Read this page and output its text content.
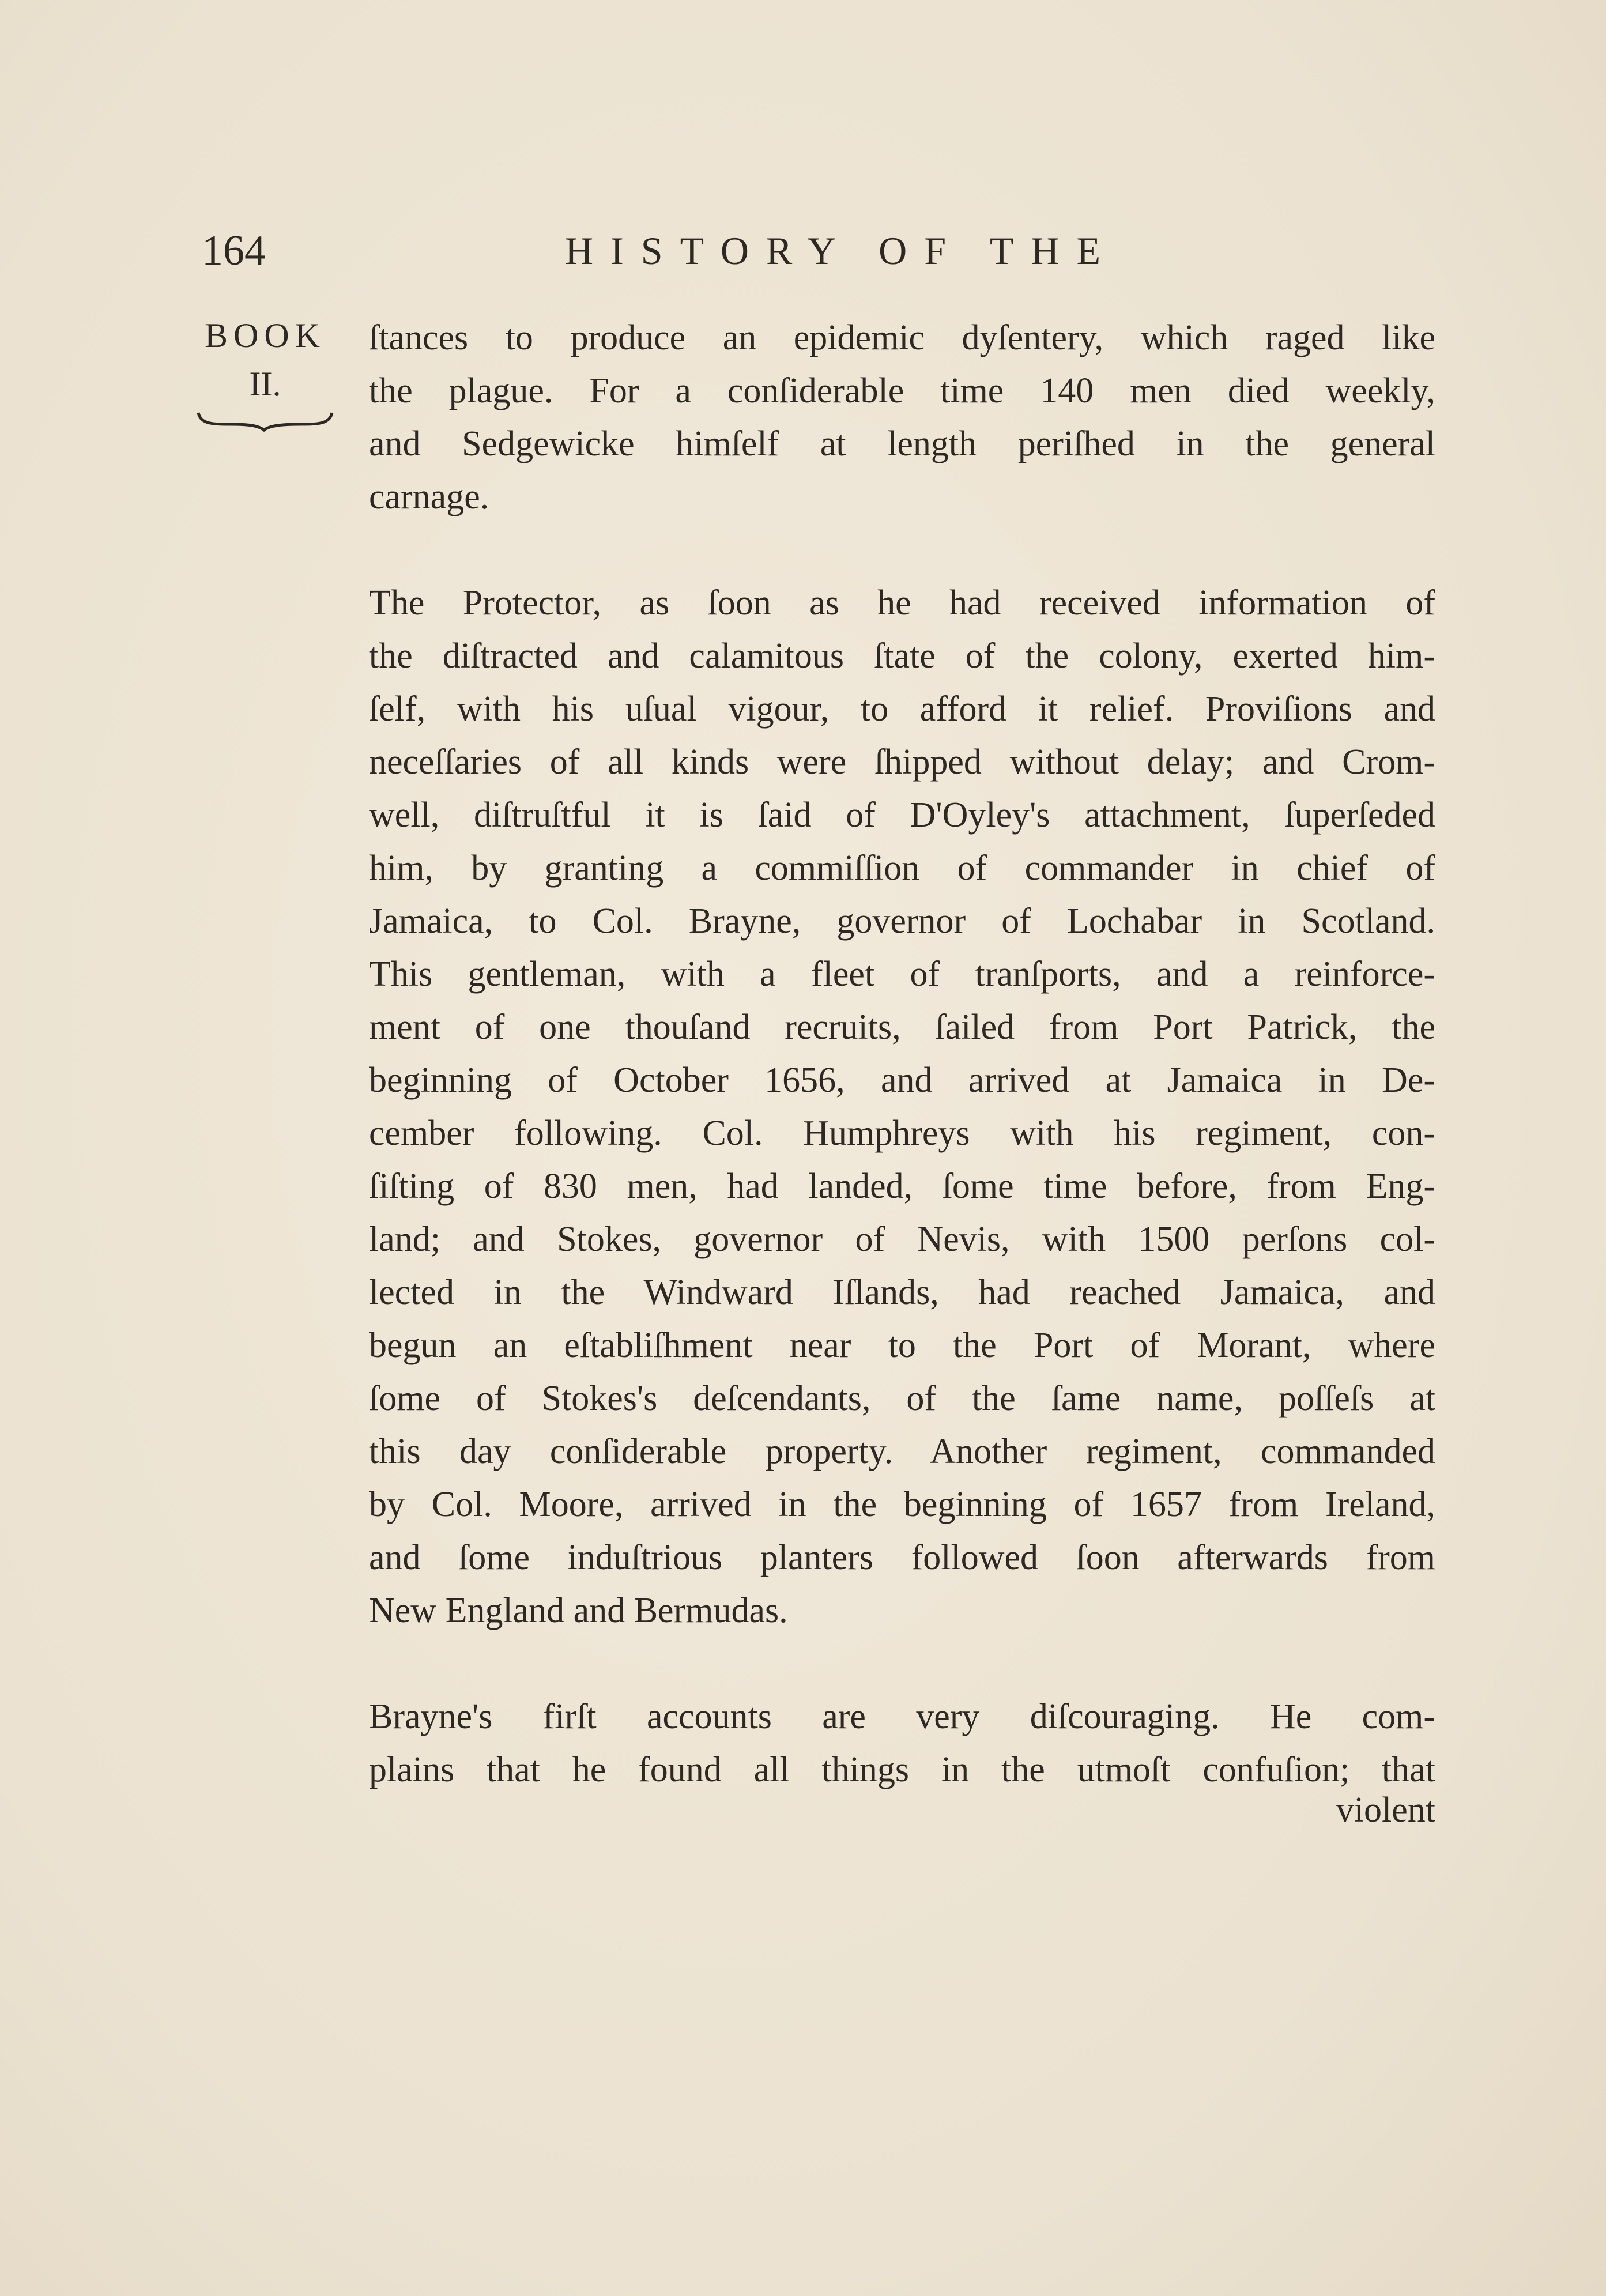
164	HISTORY OF THE
BOOK
II.

ſtances to produce an epidemic dyſentery, which raged like
the plague. For a conſiderable time 140 men died weekly,
and Sedgewicke himſelf at length periſhed in the general
carnage.

The Protector, as ſoon as he had received information of
the diſtracted and calamitous ſtate of the colony, exerted him-
ſelf, with his uſual vigour, to afford it relief. Proviſions and
neceſſaries of all kinds were ſhipped without delay; and Crom-
well, diſtruſtful it is ſaid of D'Oyley's attachment, ſuperſeded
him, by granting a commiſſion of commander in chief of
Jamaica, to Col. Brayne, governor of Lochabar in Scotland.
This gentleman, with a fleet of tranſports, and a reinforce-
ment of one thouſand recruits, ſailed from Port Patrick, the
beginning of October 1656, and arrived at Jamaica in De-
cember following. Col. Humphreys with his regiment, con-
ſiſting of 830 men, had landed, ſome time before, from Eng-
land; and Stokes, governor of Nevis, with 1500 perſons col-
lected in the Windward Iſlands, had reached Jamaica, and
begun an eſtabliſhment near to the Port of Morant, where
ſome of Stokes's deſcendants, of the ſame name, poſſeſs at
this day conſiderable property. Another regiment, commanded
by Col. Moore, arrived in the beginning of 1657 from Ireland,
and ſome induſtrious planters followed ſoon afterwards from
New England and Bermudas.

Brayne's firſt accounts are very diſcouraging. He com-
plains that he found all things in the utmoſt confuſion; that

violent
